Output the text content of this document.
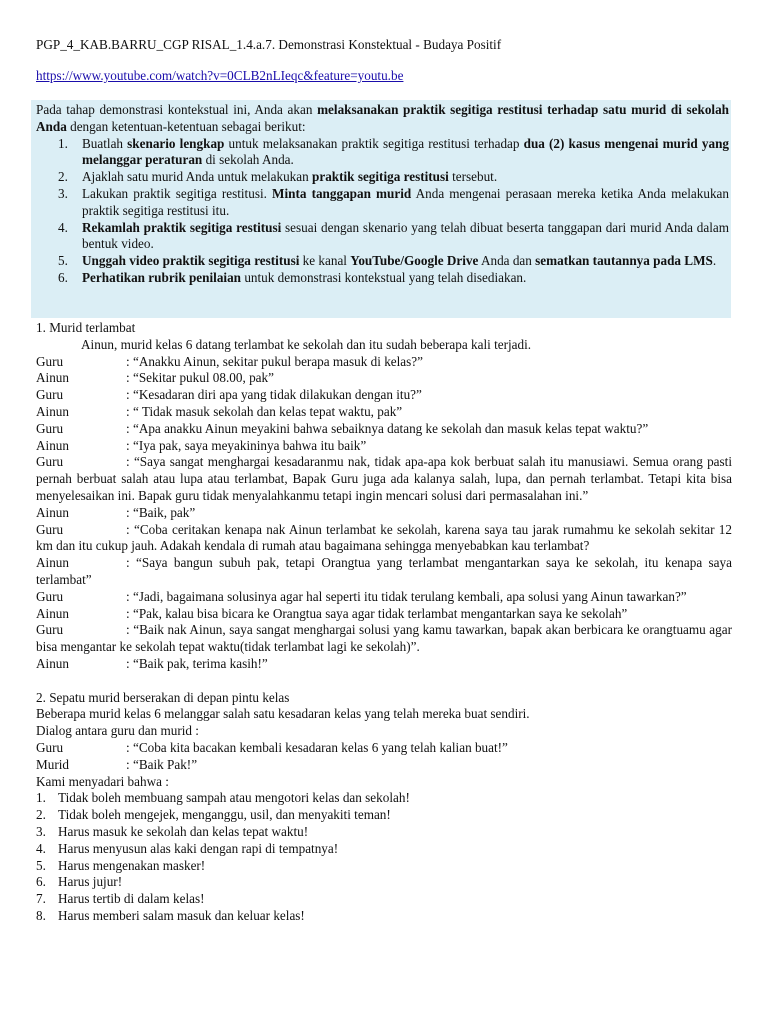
PGP_4_KAB.BARRU_CGP RISAL_1.4.a.7. Demonstrasi Konstektual - Budaya Positif
https://www.youtube.com/watch?v=0CLB2nLIeqc&feature=youtu.be

Pada tahap demonstrasi kontekstual ini, Anda akan melaksanakan praktik segitiga restitusi terhadap satu murid di sekolah Anda dengan ketentuan-ketentuan sebagai berikut:

1. Buatlah skenario lengkap untuk melaksanakan praktik segitiga restitusi terhadap dua (2) kasus mengenai murid yang melanggar peraturan di sekolah Anda.
2. Ajaklah satu murid Anda untuk melakukan praktik segitiga restitusi tersebut.
3. Lakukan praktik segitiga restitusi. Minta tanggapan murid Anda mengenai perasaan mereka ketika Anda melakukan praktik segitiga restitusi itu.
4. Rekamlah praktik segitiga restitusi sesuai dengan skenario yang telah dibuat beserta tanggapan dari murid Anda dalam bentuk video.
5. Unggah video praktik segitiga restitusi ke kanal YouTube/Google Drive Anda dan sematkan tautannya pada LMS.
6. Perhatikan rubrik penilaian untuk demonstrasi kontekstual yang telah disediakan.
1. Murid terlambat
Ainun, murid kelas 6 datang terlambat ke sekolah dan itu sudah beberapa kali terjadi.
Guru	: “Anakku Ainun, sekitar pukul berapa masuk di kelas?”
Ainun	: “Sekitar pukul 08.00, pak”
Guru	: “Kesadaran diri apa yang tidak dilakukan dengan itu?”
Ainun	: “ Tidak masuk sekolah dan kelas tepat waktu, pak”
Guru	: “Apa anakku Ainun meyakini bahwa sebaiknya datang ke sekolah dan masuk kelas tepat waktu?”
Ainun	: “Iya pak, saya meyakininya bahwa itu baik”
Guru	: “Saya sangat menghargai kesadaranmu nak, tidak apa-apa kok berbuat salah itu manusiawi. Semua orang pasti pernah berbuat salah atau lupa atau terlambat, Bapak Guru juga ada kalanya salah, lupa, dan pernah terlambat. Tetapi kita bisa menyelesaikan ini. Bapak guru tidak menyalahkanmu tetapi ingin mencari solusi dari permasalahan ini.”
Ainun	: “Baik, pak”
Guru	: “Coba ceritakan kenapa nak Ainun terlambat ke sekolah, karena saya tau jarak rumahmu ke sekolah sekitar 12 km dan itu cukup jauh. Adakah kendala di rumah atau bagaimana sehingga menyebabkan kau terlambat?
Ainun	: “Saya bangun subuh pak, tetapi Orangtua yang terlambat mengantarkan saya ke sekolah, itu kenapa saya terlambat”
Guru	: “Jadi, bagaimana solusinya agar hal seperti itu tidak terulang kembali, apa solusi yang Ainun tawarkan?”
Ainun	: “Pak, kalau bisa bicara ke Orangtua saya agar tidak terlambat mengantarkan saya ke sekolah”
Guru	: “Baik nak Ainun, saya sangat menghargai solusi yang kamu tawarkan, bapak akan berbicara ke orangtuamu agar bisa mengantar ke sekolah tepat waktu(tidak terlambat lagi ke sekolah)”.
Ainun	: “Baik pak, terima kasih!”
2. Sepatu murid berserakan di depan pintu kelas
Beberapa murid kelas 6 melanggar salah satu kesadaran kelas yang telah mereka buat sendiri.
Dialog antara guru dan murid :
Guru	: “Coba kita bacakan kembali kesadaran kelas 6 yang telah kalian buat!”
Murid	: “Baik Pak!”
Kami menyadari bahwa :
1. Tidak boleh membuang sampah atau mengotori kelas dan sekolah!
2. Tidak boleh mengejek, menganggu, usil, dan menyakiti teman!
3. Harus masuk ke sekolah dan kelas tepat waktu!
4. Harus menyusun alas kaki dengan rapi di tempatnya!
5. Harus mengenakan masker!
6. Harus jujur!
7. Harus tertib di dalam kelas!
8. Harus memberi salam masuk dan keluar kelas!
